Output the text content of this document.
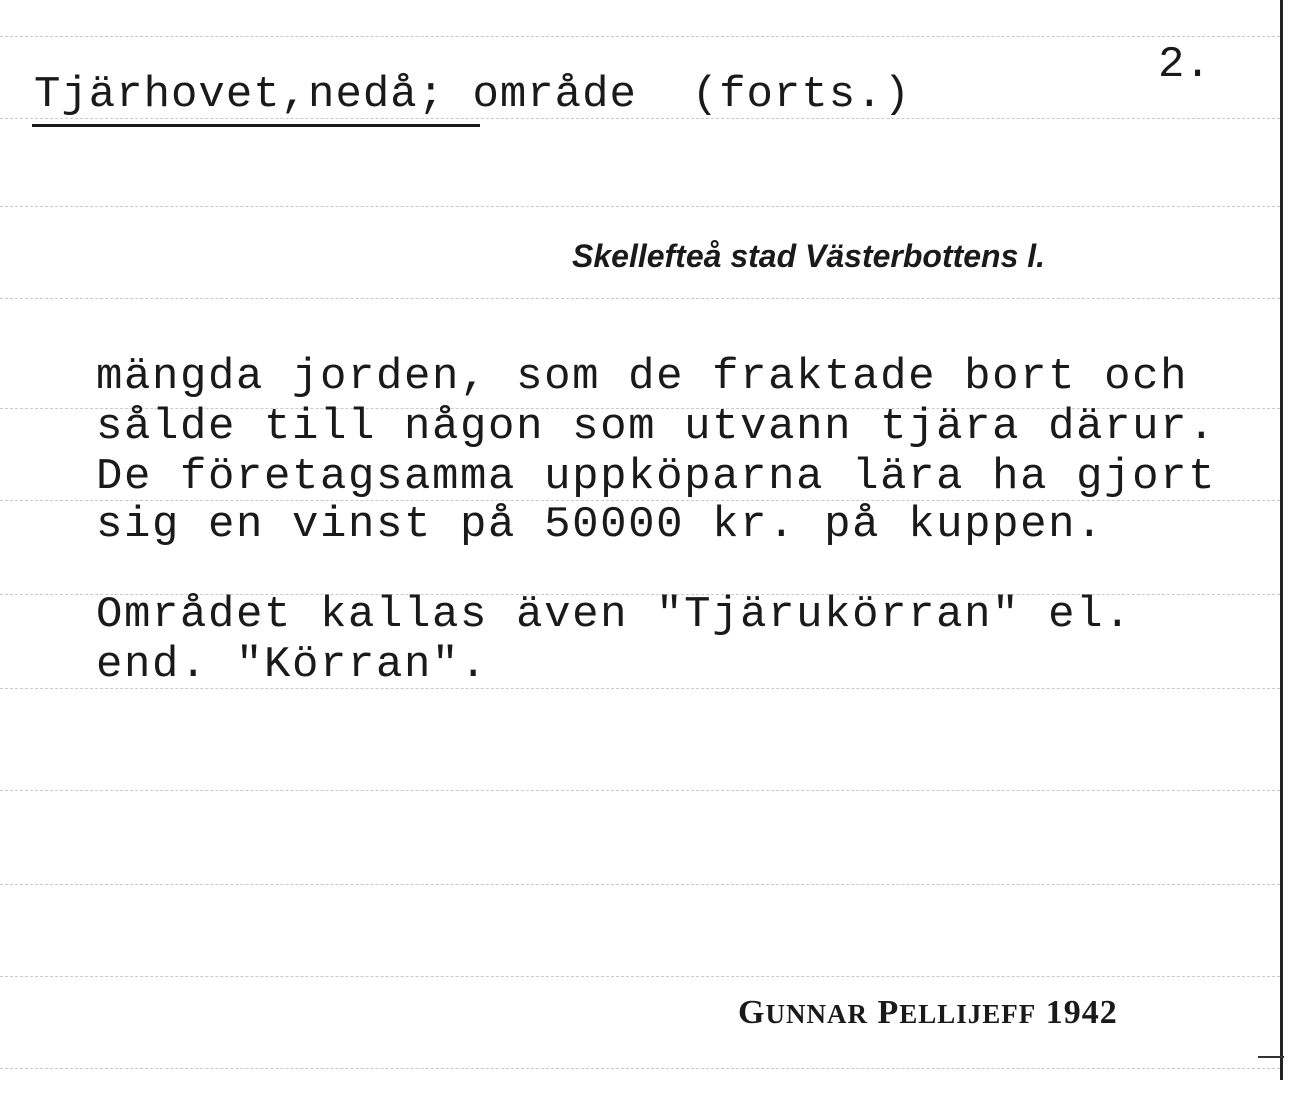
Tjärhovet,nedå; område  (forts.)
2.
Skellefteå stad Västerbottens l.
mängda jorden, som de fraktade bort och
sålde till någon som utvann tjära därur.
De företagsamma uppköparna lära ha gjort
sig en vinst på 50000 kr. på kuppen.
Området kallas även "Tjärukörran" el.
end. "Körran".
GUNNAR PELLIJEFF 1942
